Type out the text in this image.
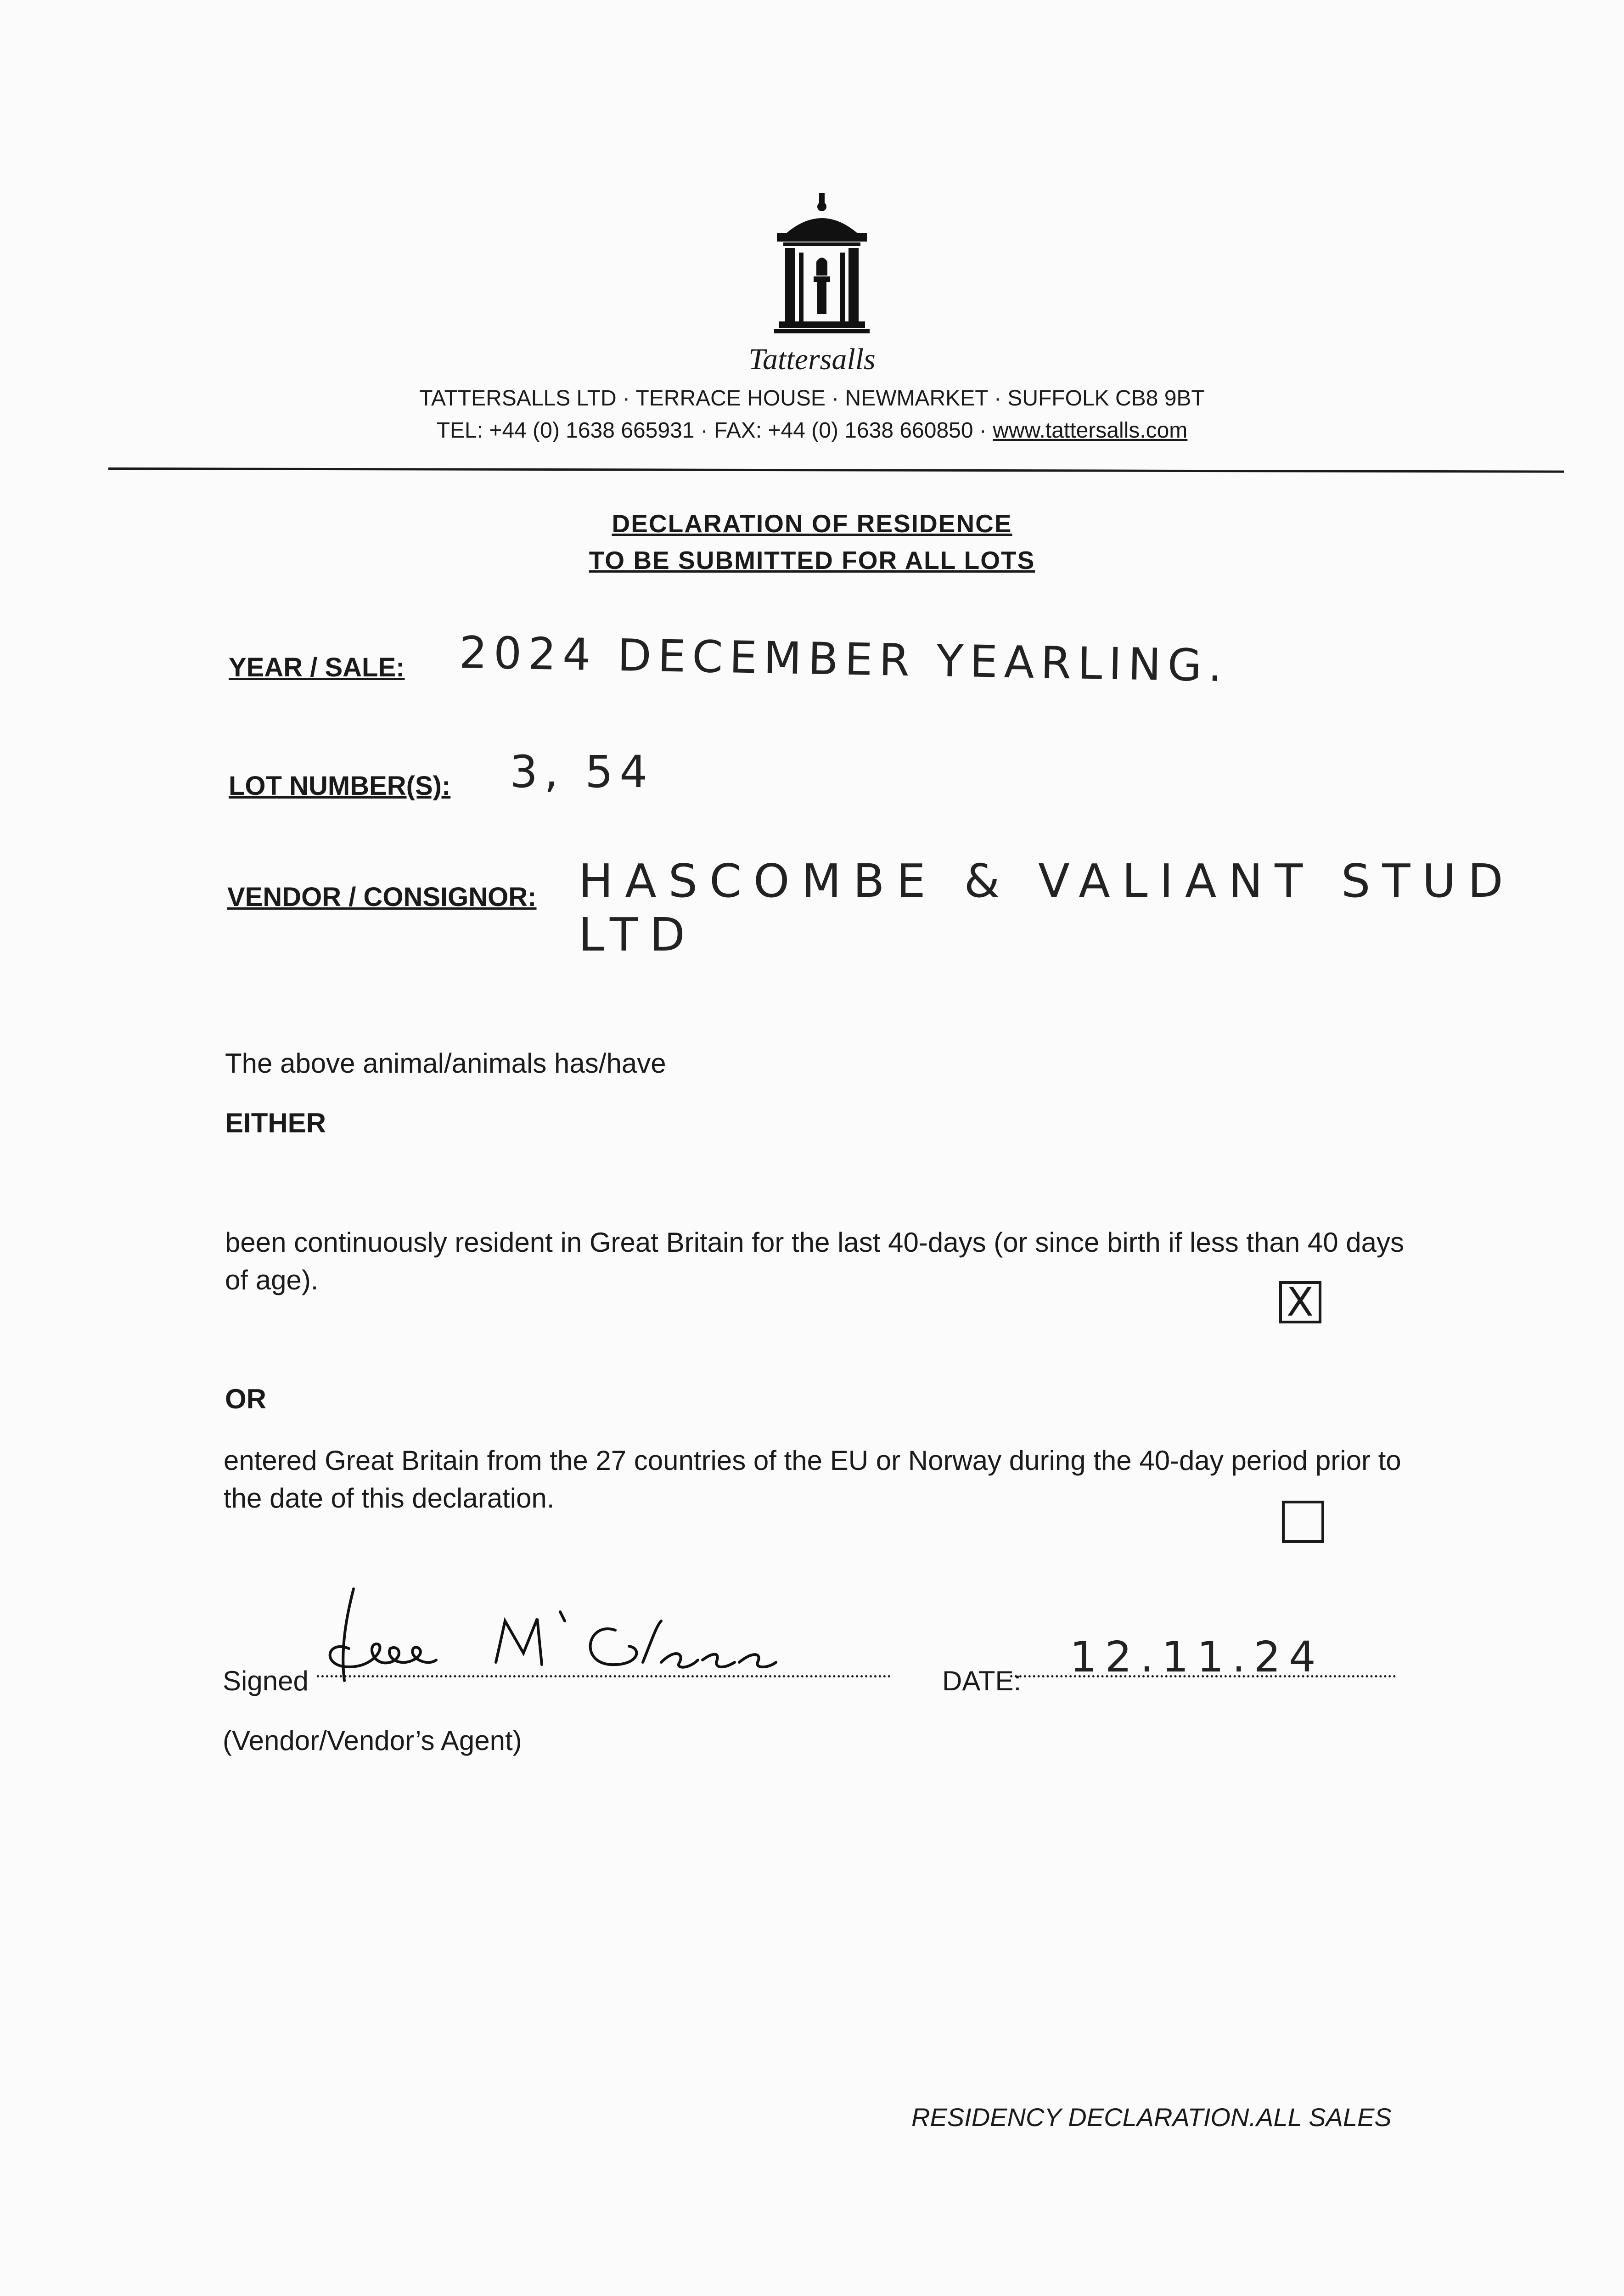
Tattersalls
TATTERSALLS LTD · TERRACE HOUSE · NEWMARKET · SUFFOLK CB8 9BT
TEL: +44 (0) 1638 665931 · FAX: +44 (0) 1638 660850 · www.tattersalls.com
DECLARATION OF RESIDENCE
TO BE SUBMITTED FOR ALL LOTS
YEAR / SALE: 2024 DECEMBER YEARLING.
LOT NUMBER(S): 3, 54
VENDOR / CONSIGNOR: HASCOMBE & VALIANT STUD LTD
The above animal/animals has/have
EITHER
been continuously resident in Great Britain for the last 40-days (or since birth if less than 40 days of age).	X
OR
entered Great Britain from the 27 countries of the EU or Norway during the 40-day period prior to the date of this declaration.
Signed	DATE: 12.11.24
(Vendor/Vendor’s Agent)
RESIDENCY DECLARATION.ALL SALES
